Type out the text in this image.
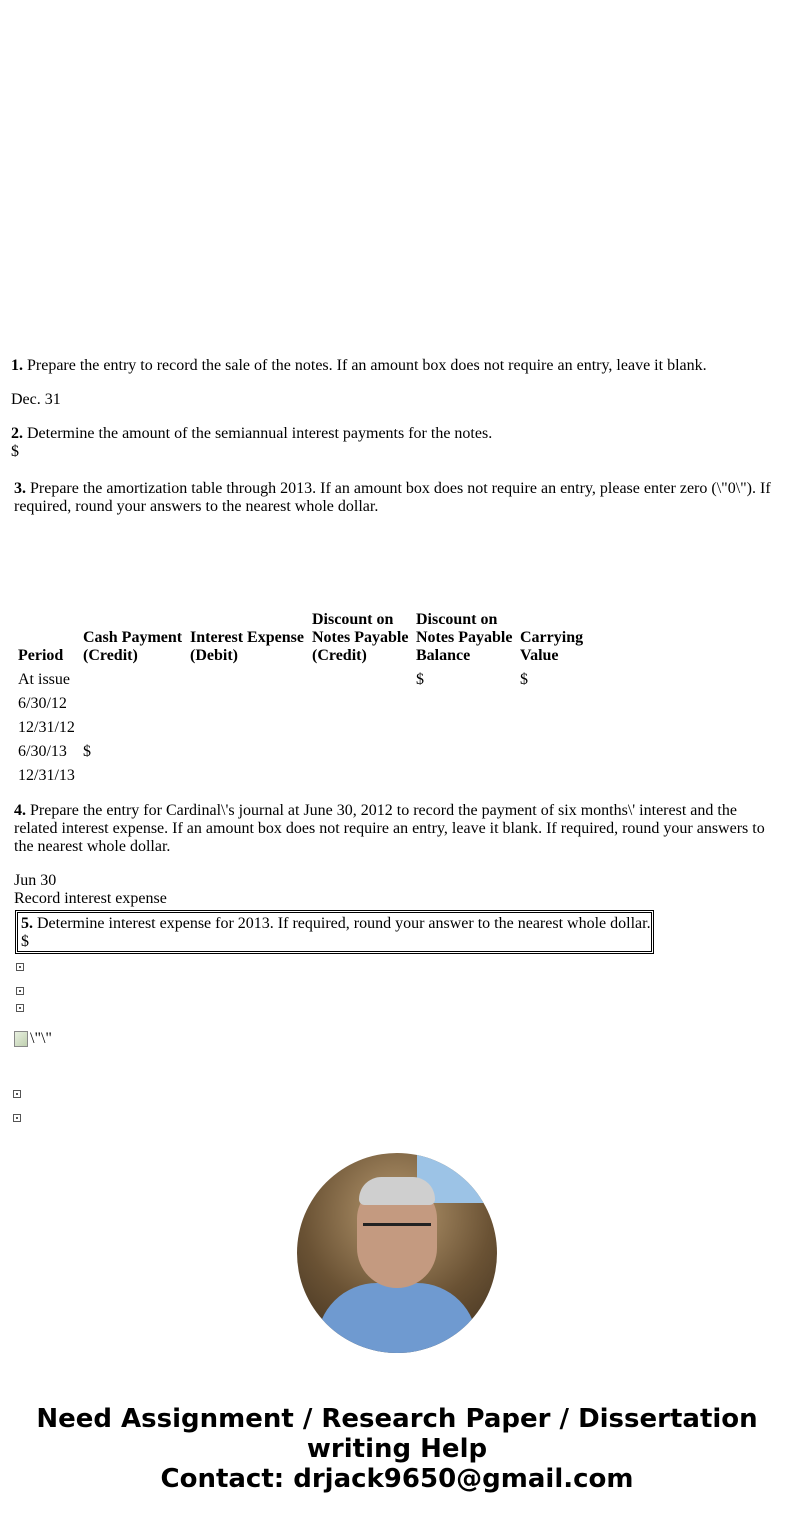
1. Prepare the entry to record the sale of the notes. If an amount box does not require an entry, leave it blank.
Dec. 31
2. Determine the amount of the semiannual interest payments for the notes.
$
3. Prepare the amortization table through 2013. If an amount box does not require an entry, please enter zero (\"0\"). If required, round your answers to the nearest whole dollar.
Period	Cash Payment (Credit)	Interest Expense (Debit)	Discount on Notes Payable (Credit)	Discount on Notes Payable Balance	Carrying Value
At issue				$	$
6/30/12					
12/31/12					
6/30/13	$				
12/31/13					
4. Prepare the entry for Cardinal\'s journal at June 30, 2012 to record the payment of six months\' interest and the related interest expense. If an amount box does not require an entry, leave it blank. If required, round your answers to the nearest whole dollar.
Jun 30
Record interest expense
5. Determine interest expense for 2013. If required, round your answer to the nearest whole dollar.
$
\"\"
Need Assignment / Research Paper / Dissertation writing Help
Contact: drjack9650@gmail.com
